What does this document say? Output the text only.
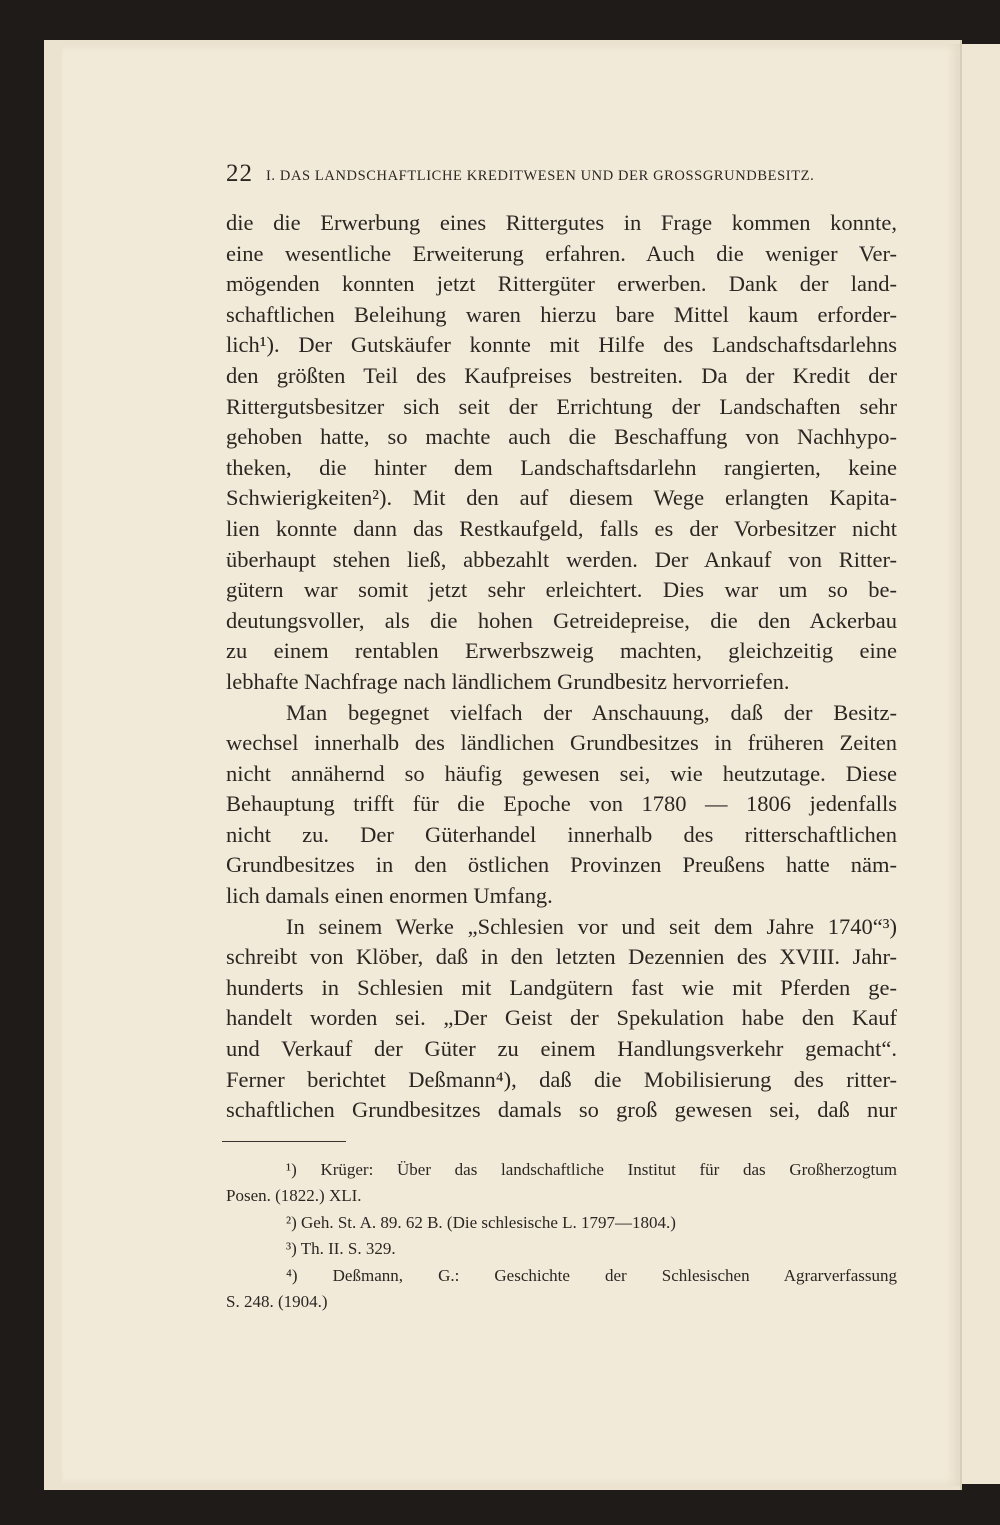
22 I. DAS LANDSCHAFTLICHE KREDITWESEN UND DER GROSSGRUNDBESITZ.
die die Erwerbung eines Rittergutes in Frage kommen konnte,
eine wesentliche Erweiterung erfahren. Auch die weniger Ver-
mögenden konnten jetzt Rittergüter erwerben. Dank der land-
schaftlichen Beleihung waren hierzu bare Mittel kaum erforder-
lich¹). Der Gutskäufer konnte mit Hilfe des Landschaftsdarlehns
den größten Teil des Kaufpreises bestreiten. Da der Kredit der
Rittergutsbesitzer sich seit der Errichtung der Landschaften sehr
gehoben hatte, so machte auch die Beschaffung von Nachhypo-
theken, die hinter dem Landschaftsdarlehn rangierten, keine
Schwierigkeiten²). Mit den auf diesem Wege erlangten Kapita-
lien konnte dann das Restkaufgeld, falls es der Vorbesitzer nicht
überhaupt stehen ließ, abbezahlt werden. Der Ankauf von Ritter-
gütern war somit jetzt sehr erleichtert. Dies war um so be-
deutungsvoller, als die hohen Getreidepreise, die den Ackerbau
zu einem rentablen Erwerbszweig machten, gleichzeitig eine
lebhafte Nachfrage nach ländlichem Grundbesitz hervorriefen.
Man begegnet vielfach der Anschauung, daß der Besitz-
wechsel innerhalb des ländlichen Grundbesitzes in früheren Zeiten
nicht annähernd so häufig gewesen sei, wie heutzutage. Diese
Behauptung trifft für die Epoche von 1780 — 1806 jedenfalls
nicht zu. Der Güterhandel innerhalb des ritterschaftlichen
Grundbesitzes in den östlichen Provinzen Preußens hatte näm-
lich damals einen enormen Umfang.
In seinem Werke „Schlesien vor und seit dem Jahre 1740“³)
schreibt von Klöber, daß in den letzten Dezennien des XVIII. Jahr-
hunderts in Schlesien mit Landgütern fast wie mit Pferden ge-
handelt worden sei. „Der Geist der Spekulation habe den Kauf
und Verkauf der Güter zu einem Handlungsverkehr gemacht“.
Ferner berichtet Deßmann⁴), daß die Mobilisierung des ritter-
schaftlichen Grundbesitzes damals so groß gewesen sei, daß nur
¹) Krüger: Über das landschaftliche Institut für das Großherzogtum
Posen. (1822.) XLI.
²) Geh. St. A. 89. 62 B. (Die schlesische L. 1797—1804.)
³) Th. II. S. 329.
⁴) Deßmann, G.: Geschichte der Schlesischen Agrarverfassung
S. 248. (1904.)
